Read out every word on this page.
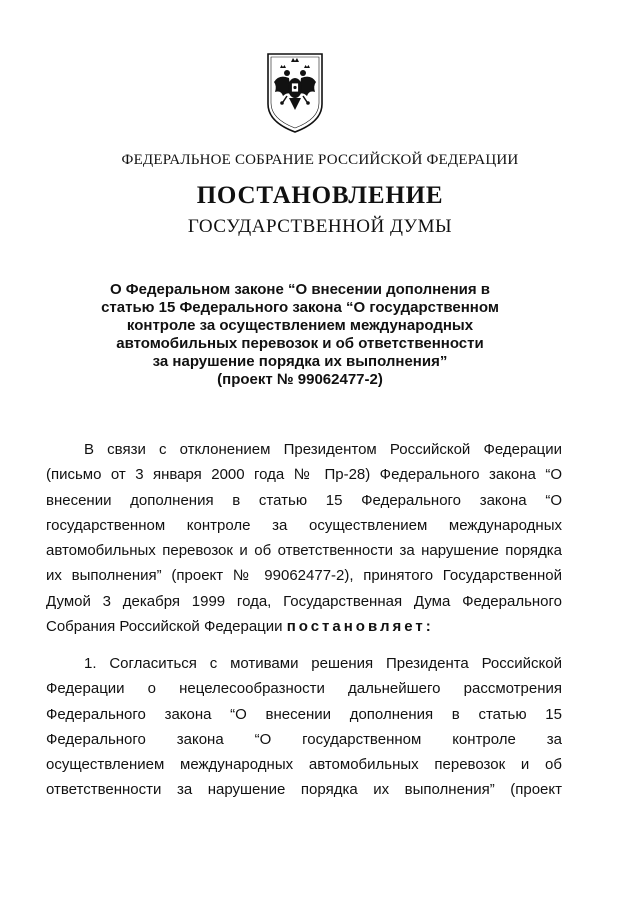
ФЕДЕРАЛЬНОЕ СОБРАНИЕ РОССИЙСКОЙ ФЕДЕРАЦИИ
ПОСТАНОВЛЕНИЕ
ГОСУДАРСТВЕННОЙ ДУМЫ
О Федеральном законе “О внесении дополнения в
статью 15 Федерального закона “О государственном
контроле за осуществлением международных
автомобильных перевозок и об ответственности
за нарушение порядка их выполнения”
(проект № 99062477-2)
В связи с отклонением Президентом Российской Федерации
(письмо от 3 января 2000 года № Пр-28) Федерального закона “О
внесении дополнения в статью 15 Федерального закона “О
государственном контроле за осуществлением международных
автомобильных перевозок и об ответственности за нарушение порядка
их выполнения” (проект № 99062477-2), принятого Государственной
Думой 3 декабря 1999 года, Государственная Дума Федерального
Собрания Российской Федерации постановляет:
1. Согласиться с мотивами решения Президента Российской
Федерации о нецелесообразности дальнейшего рассмотрения
Федерального закона “О внесении дополнения в статью 15
Федерального закона “О государственном контроле за
осуществлением международных автомобильных перевозок и об
ответственности за нарушение порядка их выполнения” (проект
